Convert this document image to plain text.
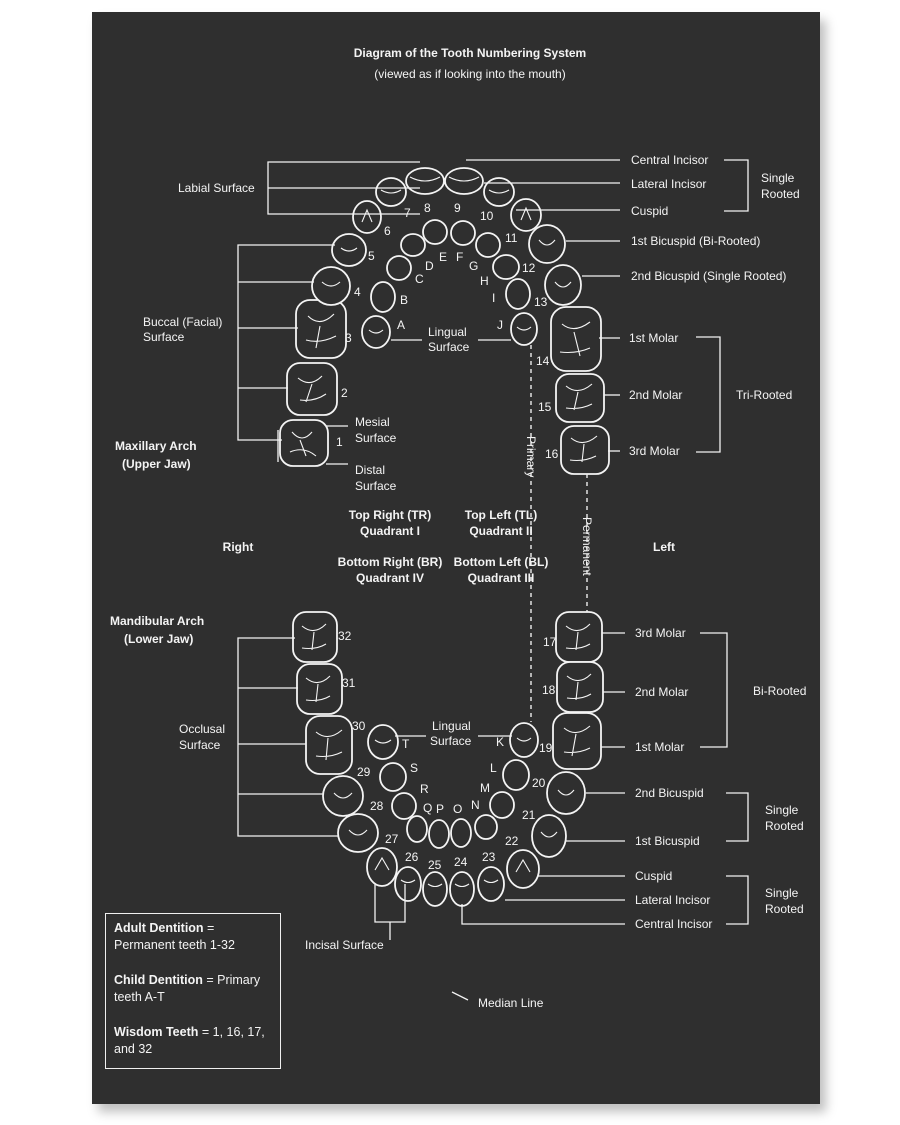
Diagram of the Tooth Numbering System
(viewed as if looking into the mouth)
1
2
3
4
5
6
7 8 9
10
11
12
13
14
15
16
17
18
19
20
21
22
23
24
25
26
27
28
29
30
31
32
A
B
C
D
E F
G
H
I
J
K
L
M
N
O
P
Q
R
S
T
Primary
Permanent
Labial Surface
Buccal (Facial)
Surface
Maxillary Arch
(Upper Jaw)
Mesial
Surface
Distal
Surface
Lingual
Surface
Right	Left
Top Right (TR)
Quadrant I
Top Left (TL)
Quadrant II
Bottom Right (BR)
Quadrant IV
Bottom Left (BL)
Quadrant III
Mandibular Arch
(Lower Jaw)
Occlusal
Surface
Lingual
Surface
Incisal Surface
Median Line
Central Incisor
Lateral Incisor
Cuspid
1st Bicuspid (Bi-Rooted)
2nd Bicuspid (Single Rooted)
1st Molar
2nd Molar
3rd Molar
Single
Rooted
Tri-Rooted
3rd Molar
2nd Molar
1st Molar
2nd Bicuspid
1st Bicuspid
Cuspid
Lateral Incisor
Central Incisor
Bi-Rooted
Single
Rooted
Single
Rooted

Adult Dentition = Permanent teeth 1-32

Child Dentition = Primary teeth A-T

Wisdom Teeth = 1, 16, 17, and 32
